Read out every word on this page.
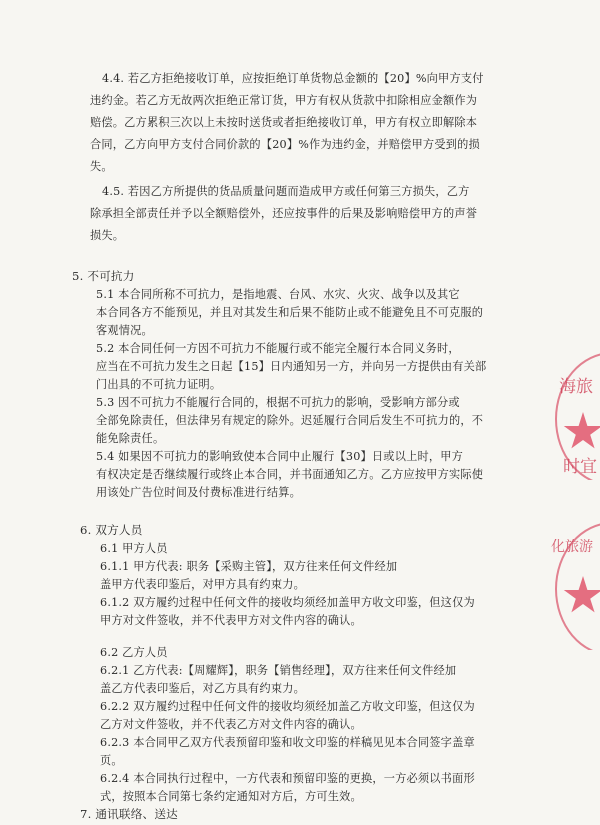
4.4. 若乙方拒绝接收订单，应按拒绝订单货物总金额的【20】%向甲方支付
违约金。若乙方无故两次拒绝正常订货，甲方有权从货款中扣除相应金额作为
赔偿。乙方累积三次以上未按时送货或者拒绝接收订单，甲方有权立即解除本
合同，乙方向甲方支付合同价款的【20】%作为违约金，并赔偿甲方受到的损
失。
4.5. 若因乙方所提供的货品质量问题而造成甲方或任何第三方损失，乙方
除承担全部责任并予以全额赔偿外，还应按事件的后果及影响赔偿甲方的声誉
损失。
5. 不可抗力
5.1 本合同所称不可抗力，是指地震、台风、水灾、火灾、战争以及其它
本合同各方不能预见，并且对其发生和后果不能防止或不能避免且不可克服的
客观情况。
5.2 本合同任何一方因不可抗力不能履行或不能完全履行本合同义务时，
应当在不可抗力发生之日起【15】日内通知另一方，并向另一方提供由有关部
门出具的不可抗力证明。
5.3 因不可抗力不能履行合同的，根据不可抗力的影响，受影响方部分或
全部免除责任，但法律另有规定的除外。迟延履行合同后发生不可抗力的，不
能免除责任。
5.4 如果因不可抗力的影响致使本合同中止履行【30】日或以上时，甲方
有权决定是否继续履行或终止本合同，并书面通知乙方。乙方应按甲方实际使
用该处广告位时间及付费标准进行结算。
6. 双方人员
6.1 甲方人员
6.1.1 甲方代表: 职务【采购主管】，双方往来任何文件经加
盖甲方代表印鉴后，对甲方具有约束力。
6.1.2 双方履约过程中任何文件的接收均须经加盖甲方收文印鉴，但这仅为
甲方对文件签收，并不代表甲方对文件内容的确认。
6.2 乙方人员
6.2.1 乙方代表:【周耀辉】，职务【销售经理】，双方往来任何文件经加
盖乙方代表印鉴后，对乙方具有约束力。
6.2.2 双方履约过程中任何文件的接收均须经加盖乙方收文印鉴，但这仅为
乙方对文件签收，并不代表乙方对文件内容的确认。
6.2.3 本合同甲乙双方代表预留印鉴和收文印鉴的样稿见见本合同签字盖章
页。
6.2.4 本合同执行过程中，一方代表和预留印鉴的更换，一方必须以书面形
式，按照本合同第七条约定通知对方后，方可生效。
7. 通讯联络、送达
海旅
时宜
化旅游
